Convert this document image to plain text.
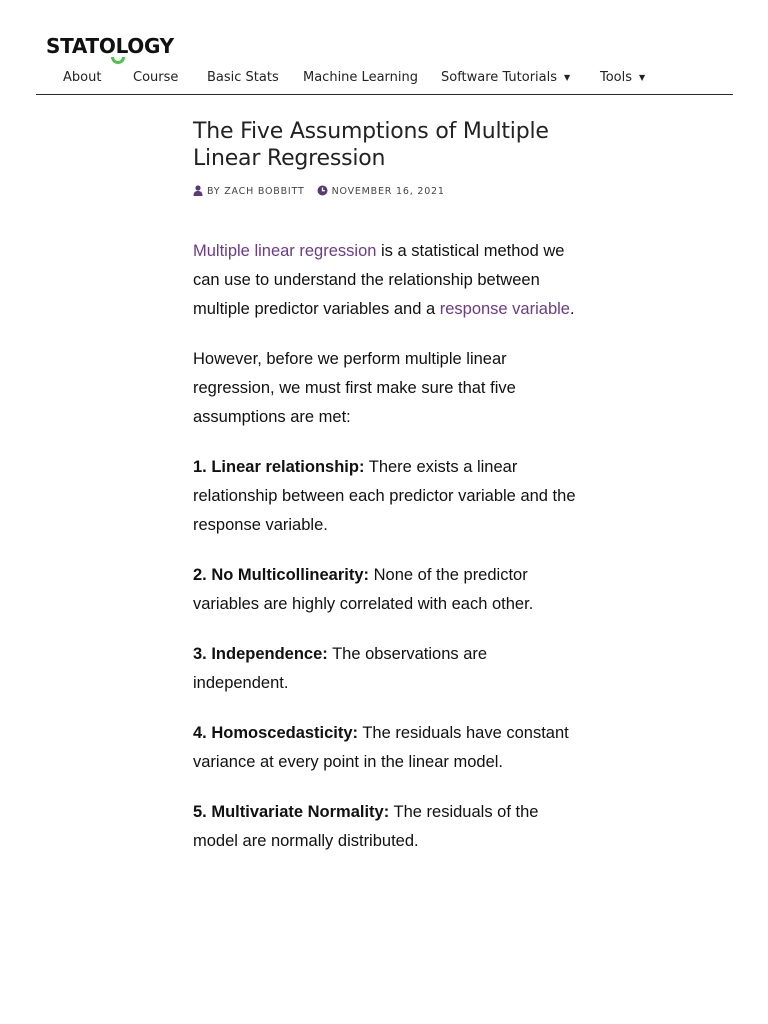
STATOLOGY
About Course Basic Stats Machine Learning Software Tutorials ▼ Tools ▼
The Five Assumptions of Multiple Linear Regression
BY ZACH BOBBITT	NOVEMBER 16, 2021

Multiple linear regression is a statistical method we can use to understand the relationship between multiple predictor variables and a response variable.

However, before we perform multiple linear regression, we must first make sure that five assumptions are met:

1. Linear relationship: There exists a linear relationship between each predictor variable and the response variable.

2. No Multicollinearity: None of the predictor variables are highly correlated with each other.

3. Independence: The observations are independent.

4. Homoscedasticity: The residuals have constant variance at every point in the linear model.

5. Multivariate Normality: The residuals of the model are normally distributed.
